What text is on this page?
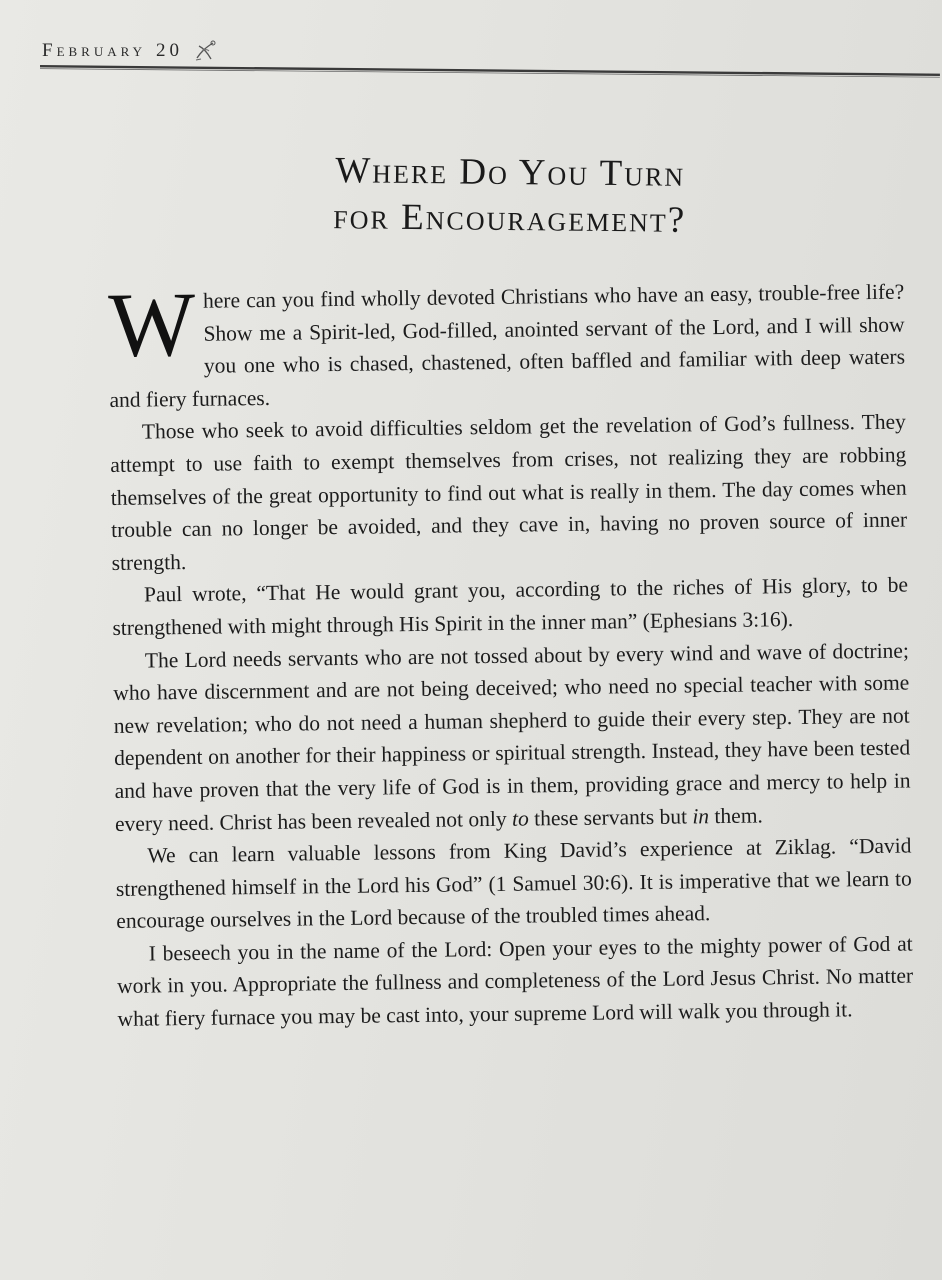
February 20
Where Do You Turn
for Encouragement?

Where can you find wholly devoted Christians who have an easy, trouble-free life? Show me a Spirit-led, God-filled, anointed servant of the Lord, and I will show you one who is chased, chastened, often baffled and familiar with deep waters and fiery furnaces.

Those who seek to avoid difficulties seldom get the revelation of God’s fullness. They attempt to use faith to exempt themselves from crises, not realizing they are robbing themselves of the great opportunity to find out what is really in them. The day comes when trouble can no longer be avoided, and they cave in, having no proven source of inner strength.

Paul wrote, “That He would grant you, according to the riches of His glory, to be strengthened with might through His Spirit in the inner man” (Ephesians 3:16).

The Lord needs servants who are not tossed about by every wind and wave of doctrine; who have discernment and are not being deceived; who need no special teacher with some new revelation; who do not need a human shepherd to guide their every step. They are not dependent on another for their happiness or spiritual strength. Instead, they have been tested and have proven that the very life of God is in them, providing grace and mercy to help in every need. Christ has been revealed not only to these servants but in them.

We can learn valuable lessons from King David’s experience at Ziklag. “David strengthened himself in the Lord his God” (1 Samuel 30:6). It is imperative that we learn to encourage ourselves in the Lord because of the troubled times ahead.

I beseech you in the name of the Lord: Open your eyes to the mighty power of God at work in you. Appropriate the fullness and completeness of the Lord Jesus Christ. No matter what fiery furnace you may be cast into, your supreme Lord will walk you through it.
